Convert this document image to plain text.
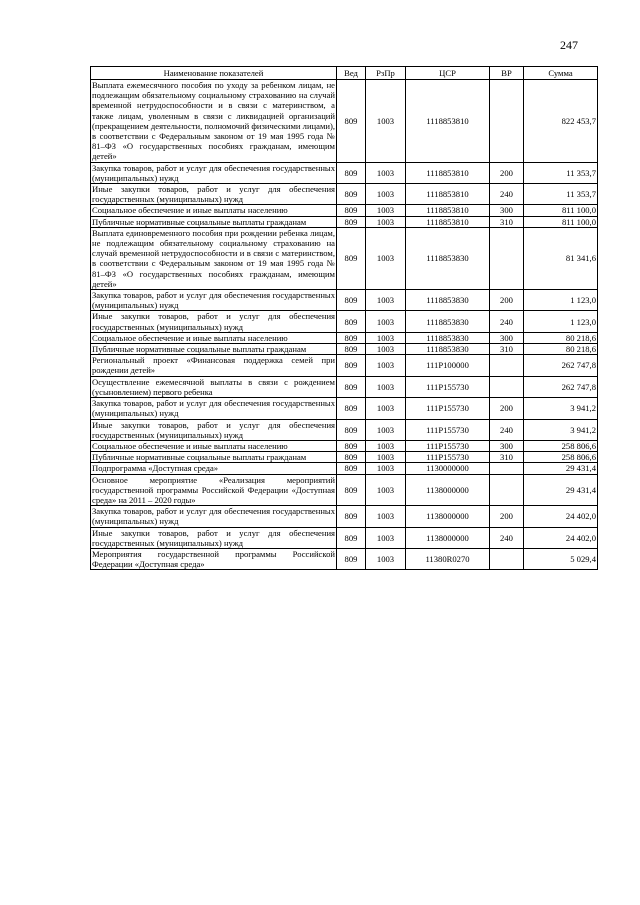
247
Наименование показателей	Вед	РзПр	ЦСР	ВР	Сумма
Выплата ежемесячного пособия по уходу за ребенком лицам, не подлежащим обязательному социальному страхованию на случай временной нетрудоспособности и в связи с материнством, а также лицам, уволенным в связи с ликвидацией организаций (прекращением деятельности, полномочий физическими лицами), в соответствии с Федеральным законом от 19 мая 1995 года № 81–ФЗ «О государственных пособиях гражданам, имеющим детей»	809	1003	1118853810		822 453,7
Закупка товаров, работ и услуг для обеспечения государственных (муниципальных) нужд	809	1003	1118853810	200	11 353,7
Иные закупки товаров, работ и услуг для обеспечения государственных (муниципальных) нужд	809	1003	1118853810	240	11 353,7
Социальное обеспечение и иные выплаты населению	809	1003	1118853810	300	811 100,0
Публичные нормативные социальные выплаты гражданам	809	1003	1118853810	310	811 100,0
Выплата единовременного пособия при рождении ребенка лицам, не подлежащим обязательному социальному страхованию на случай временной нетрудоспособности и в связи с материнством, в соответствии с Федеральным законом от 19 мая 1995 года № 81–ФЗ «О государственных пособиях гражданам, имеющим детей»	809	1003	1118853830		81 341,6
Закупка товаров, работ и услуг для обеспечения государственных (муниципальных) нужд	809	1003	1118853830	200	1 123,0
Иные закупки товаров, работ и услуг для обеспечения государственных (муниципальных) нужд	809	1003	1118853830	240	1 123,0
Социальное обеспечение и иные выплаты населению	809	1003	1118853830	300	80 218,6
Публичные нормативные социальные выплаты гражданам	809	1003	1118853830	310	80 218,6
Региональный проект «Финансовая поддержка семей при рождении детей»	809	1003	111P100000		262 747,8
Осуществление ежемесячной выплаты в связи с рождением (усыновлением) первого ребенка	809	1003	111P155730		262 747,8
Закупка товаров, работ и услуг для обеспечения государственных (муниципальных) нужд	809	1003	111P155730	200	3 941,2
Иные закупки товаров, работ и услуг для обеспечения государственных (муниципальных) нужд	809	1003	111P155730	240	3 941,2
Социальное обеспечение и иные выплаты населению	809	1003	111P155730	300	258 806,6
Публичные нормативные социальные выплаты гражданам	809	1003	111P155730	310	258 806,6
Подпрограмма «Доступная среда»	809	1003	1130000000		29 431,4
Основное мероприятие «Реализация мероприятий государственной программы Российской Федерации «Доступная среда» на 2011 – 2020 годы»	809	1003	1138000000		29 431,4
Закупка товаров, работ и услуг для обеспечения государственных (муниципальных) нужд	809	1003	1138000000	200	24 402,0
Иные закупки товаров, работ и услуг для обеспечения государственных (муниципальных) нужд	809	1003	1138000000	240	24 402,0
Мероприятия государственной программы Российской Федерации «Доступная среда»	809	1003	11380R0270		5 029,4
